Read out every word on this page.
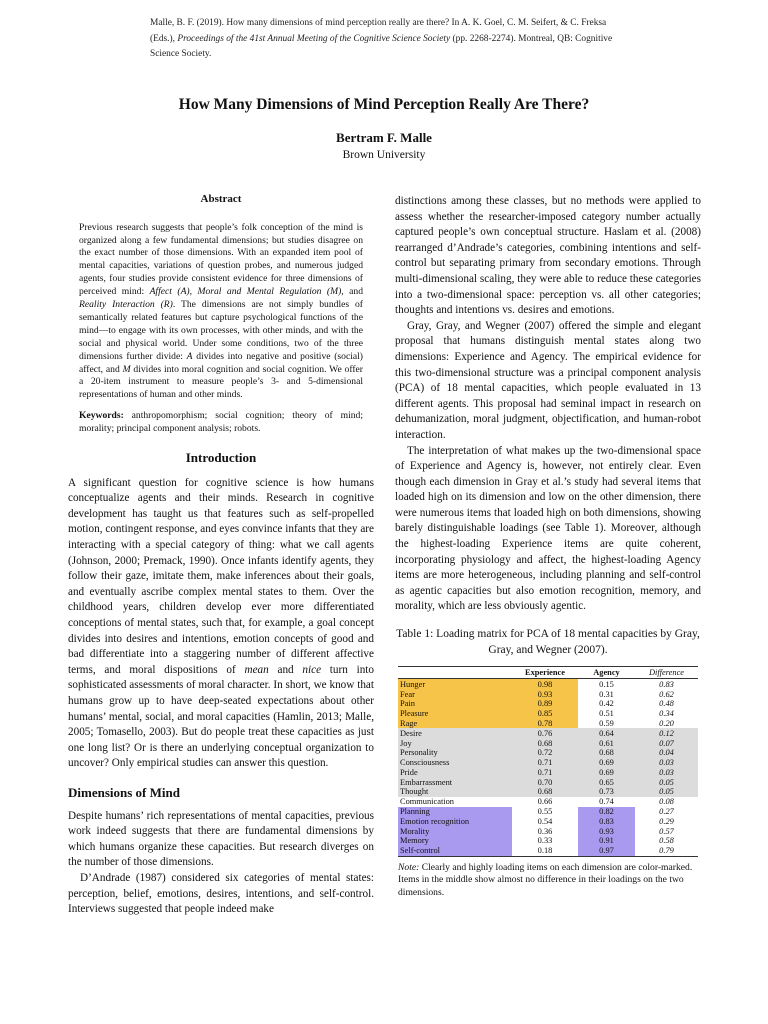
Malle, B. F. (2019). How many dimensions of mind perception really are there? In A. K. Goel, C. M. Seifert, & C. Freksa (Eds.), Proceedings of the 41st Annual Meeting of the Cognitive Science Society (pp. 2268-2274). Montreal, QB: Cognitive Science Society.
How Many Dimensions of Mind Perception Really Are There?
Bertram F. Malle
Brown University

Abstract

Previous research suggests that people’s folk conception of the mind is organized along a few fundamental dimensions; but studies disagree on the exact number of those dimensions. With an expanded item pool of mental capacities, variations of question probes, and numerous judged agents, four studies provide consistent evidence for three dimensions of perceived mind: Affect (A), Moral and Mental Regulation (M), and Reality Interaction (R). The dimensions are not simply bundles of semantically related features but capture psychological functions of the mind—to engage with its own processes, with other minds, and with the social and physical world. Under some conditions, two of the three dimensions further divide: A divides into negative and positive (social) affect, and M divides into moral cognition and social cognition. We offer a 20-item instrument to measure people’s 3- and 5-dimensional representations of human and other minds.

Keywords: anthropomorphism; social cognition; theory of mind; morality; principal component analysis; robots.

Introduction

A significant question for cognitive science is how humans conceptualize agents and their minds. Research in cognitive development has taught us that features such as self-propelled motion, contingent response, and eyes convince infants that they are interacting with a special category of thing: what we call agents (Johnson, 2000; Premack, 1990). Once infants identify agents, they follow their gaze, imitate them, make inferences about their goals, and eventually ascribe complex mental states to them. Over the childhood years, children develop ever more differentiated conceptions of mental states, such that, for example, a goal concept divides into desires and intentions, emotion concepts of good and bad differentiate into a staggering number of different affective terms, and moral dispositions of mean and nice turn into sophisticated assessments of moral character. In short, we know that humans grow up to have deep-seated expectations about other humans’ mental, social, and moral capacities (Hamlin, 2013; Malle, 2005; Tomasello, 2003). But do people treat these capacities as just one long list? Or is there an underlying conceptual organization to uncover? Only empirical studies can answer this question.

Dimensions of Mind

Despite humans’ rich representations of mental capacities, previous work indeed suggests that there are fundamental dimensions by which humans organize these capacities. But research diverges on the number of those dimensions.

D’Andrade (1987) considered six categories of mental states: perception, belief, emotions, desires, intentions, and self-control. Interviews suggested that people indeed make

distinctions among these classes, but no methods were applied to assess whether the researcher-imposed category number actually captured people’s own conceptual structure. Haslam et al. (2008) rearranged d’Andrade’s categories, combining intentions and self-control but separating primary from secondary emotions. Through multi-dimensional scaling, they were able to reduce these categories into a two-dimensional space: perception vs. all other categories; thoughts and intentions vs. desires and emotions.

Gray, Gray, and Wegner (2007) offered the simple and elegant proposal that humans distinguish mental states along two dimensions: Experience and Agency. The empirical evidence for this two-dimensional structure was a principal component analysis (PCA) of 18 mental capacities, which people evaluated in 13 different agents. This proposal had seminal impact in research on dehumanization, moral judgment, objectification, and human-robot interaction.

The interpretation of what makes up the two-dimensional space of Experience and Agency is, however, not entirely clear. Even though each dimension in Gray et al.’s study had several items that loaded high on its dimension and low on the other dimension, there were numerous items that loaded high on both dimensions, showing barely distinguishable loadings (see Table 1). Moreover, although the highest-loading Experience items are quite coherent, incorporating physiology and affect, the highest-loading Agency items are more heterogeneous, including planning and self-control as agentic capacities but also emotion recognition, memory, and morality, which are less obviously agentic.

Table 1: Loading matrix for PCA of 18 mental capacities by Gray, Gray, and Wegner (2007).

	Experience	Agency	Difference
Hunger	0.98	0.15	0.83
Fear	0.93	0.31	0.62
Pain	0.89	0.42	0.48
Pleasure	0.85	0.51	0.34
Rage	0.78	0.59	0.20
Desire	0.76	0.64	0.12
Joy	0.68	0.61	0.07
Personality	0.72	0.68	0.04
Consciousness	0.71	0.69	0.03
Pride	0.71	0.69	0.03
Embarrassment	0.70	0.65	0.05
Thought	0.68	0.73	0.05
Communication	0.66	0.74	0.08
Planning	0.55	0.82	0.27
Emotion recognition	0.54	0.83	0.29
Morality	0.36	0.93	0.57
Memory	0.33	0.91	0.58
Self-control	0.18	0.97	0.79

Note: Clearly and highly loading items on each dimension are color-marked. Items in the middle show almost no difference in their loadings on the two dimensions.
